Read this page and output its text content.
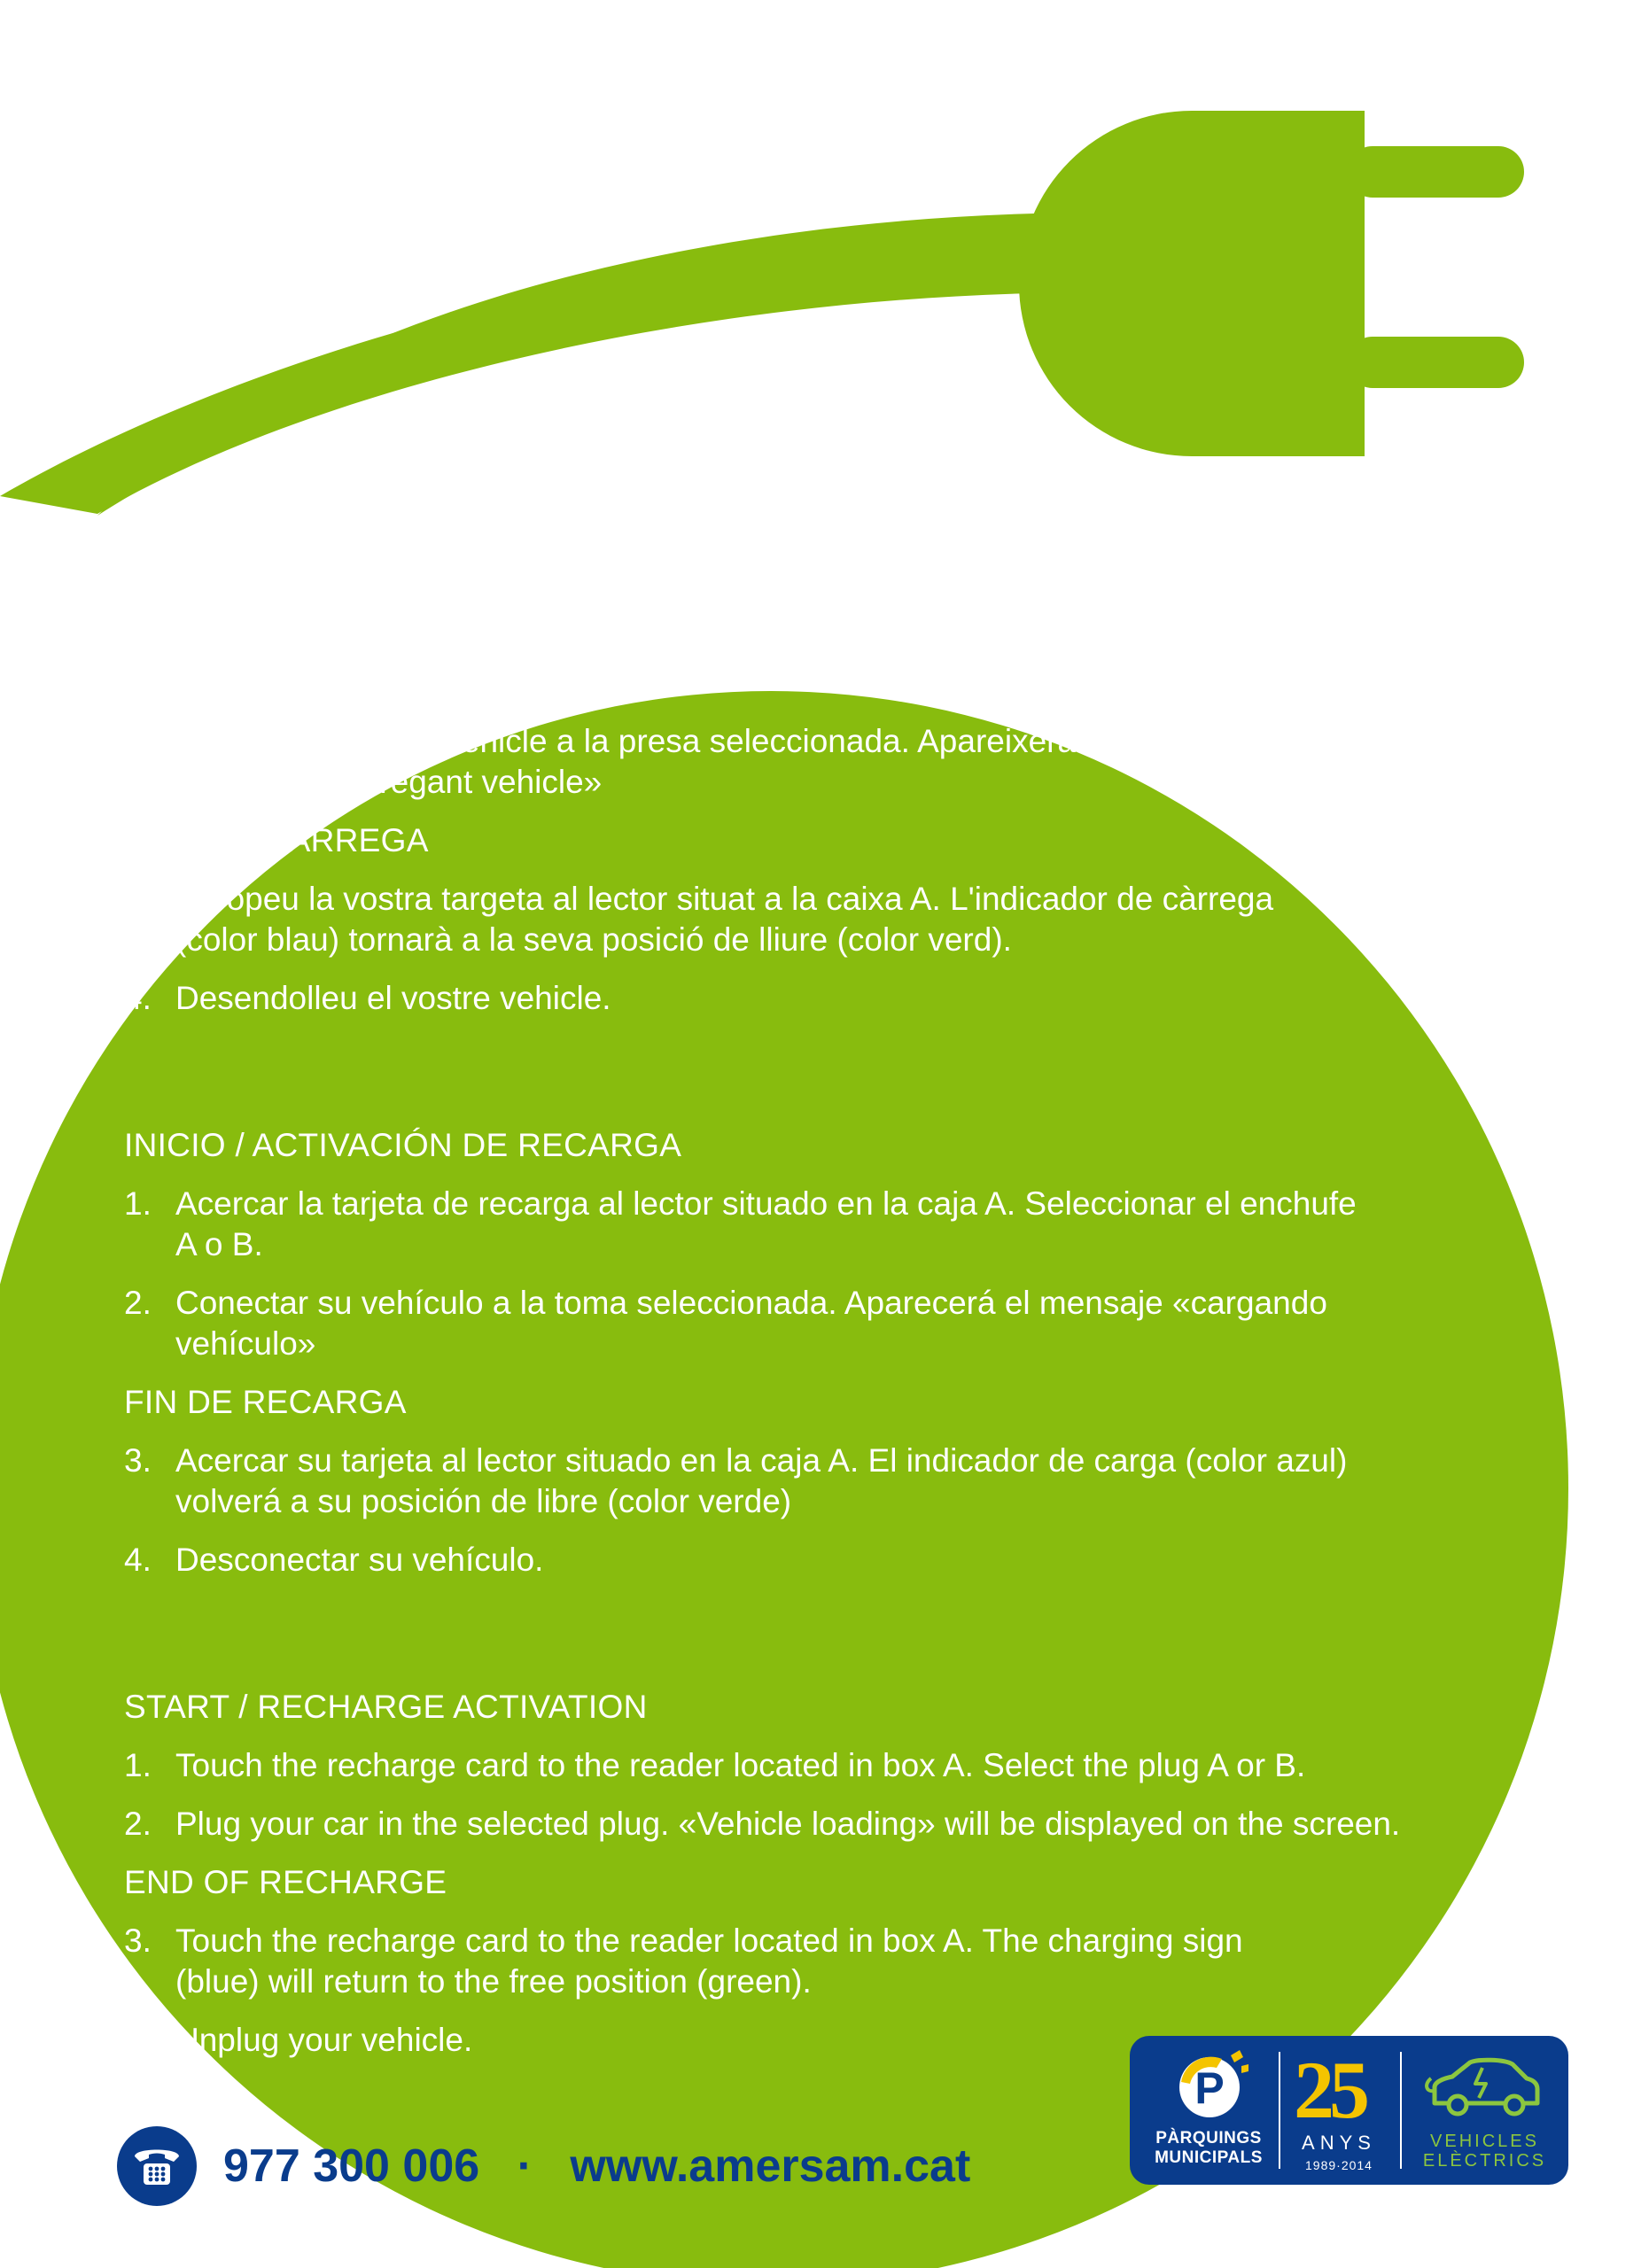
INICI / ACTIVACIÓ DE RECÀRREGA
1. Apropeu la targeta de recàrrega al lector situat a la caixa A.
Seleccioneu l'endoll A o B.
2. Endolleu el vostre vehicle a la presa seleccionada. Apareixerà el
missatge «carregant vehicle»
FI DE RECÀRREGA
3. Apropeu la vostra targeta al lector situat a la caixa A. L'indicador de càrrega
(color blau) tornarà a la seva posició de lliure (color verd).
4. Desendolleu el vostre vehicle.
INICIO / ACTIVACIÓN DE RECARGA
1. Acercar la tarjeta de recarga al lector situado en la caja A. Seleccionar el enchufe
A o B.
2. Conectar su vehículo a la toma seleccionada. Aparecerá el mensaje «cargando
vehículo»
FIN DE RECARGA
3. Acercar su tarjeta al lector situado en la caja A. El indicador de carga (color azul)
volverá a su posición de libre (color verde)
4. Desconectar su vehículo.
START / RECHARGE ACTIVATION
1. Touch the recharge card to the reader located in box A. Select the plug A or B.
2. Plug your car in the selected plug. «Vehicle loading» will be displayed on the screen.
END OF RECHARGE
3. Touch the recharge card to the reader located in box A. The charging sign
(blue) will return to the free position (green).
4. Unplug your vehicle.
977 300 006 · www.amersam.cat
P
PÀRQUINGS
MUNICIPALS
25
ANYS
1989·2014
VEHICLES
ELÈCTRICS
